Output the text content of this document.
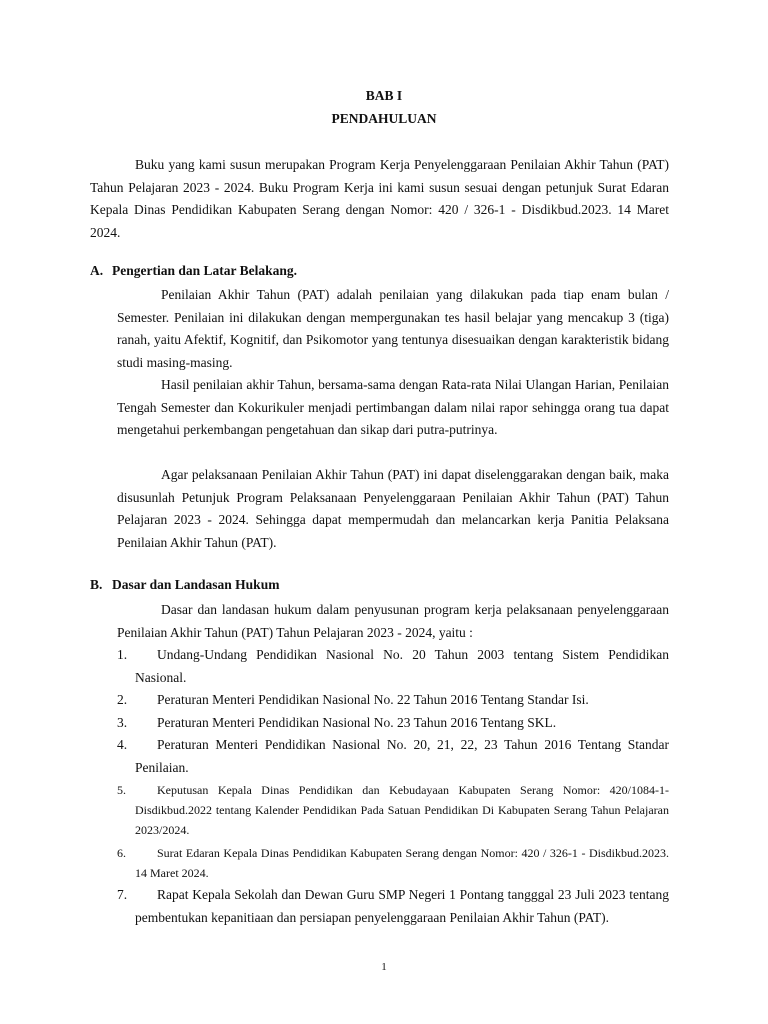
BAB I
PENDAHULUAN

Buku yang kami susun merupakan Program Kerja Penyelenggaraan Penilaian Akhir Tahun (PAT) Tahun Pelajaran 2023 - 2024. Buku Program Kerja ini kami susun sesuai dengan petunjuk Surat Edaran Kepala Dinas Pendidikan Kabupaten Serang dengan Nomor: 420 / 326-1 - Disdikbud.2023. 14 Maret 2024.

A. Pengertian dan Latar Belakang.

Penilaian Akhir Tahun (PAT) adalah penilaian yang dilakukan pada tiap enam bulan / Semester. Penilaian ini dilakukan dengan mempergunakan tes hasil belajar yang mencakup 3 (tiga) ranah, yaitu Afektif, Kognitif, dan Psikomotor yang tentunya disesuaikan dengan karakteristik bidang studi masing-masing.

Hasil penilaian akhir Tahun, bersama-sama dengan Rata-rata Nilai Ulangan Harian, Penilaian Tengah Semester dan Kokurikuler menjadi pertimbangan dalam nilai rapor sehingga orang tua dapat mengetahui perkembangan pengetahuan dan sikap dari putra-putrinya.

Agar pelaksanaan Penilaian Akhir Tahun (PAT) ini dapat diselenggarakan dengan baik, maka disusunlah Petunjuk Program Pelaksanaan Penyelenggaraan Penilaian Akhir Tahun (PAT) Tahun Pelajaran 2023 - 2024. Sehingga dapat mempermudah dan melancarkan kerja Panitia Pelaksana Penilaian Akhir Tahun (PAT).

B. Dasar dan Landasan Hukum

Dasar dan landasan hukum dalam penyusunan program kerja pelaksanaan penyelenggaraan Penilaian Akhir Tahun (PAT) Tahun Pelajaran 2023 - 2024, yaitu :

1.	Undang-Undang Pendidikan Nasional No. 20 Tahun 2003 tentang Sistem Pendidikan Nasional.
2.	Peraturan Menteri Pendidikan Nasional No. 22 Tahun 2016 Tentang Standar Isi.
3.	Peraturan Menteri Pendidikan Nasional No. 23 Tahun 2016 Tentang SKL.
4.	Peraturan Menteri Pendidikan Nasional No. 20, 21, 22, 23 Tahun 2016 Tentang Standar Penilaian.
5.	Keputusan Kepala Dinas Pendidikan dan Kebudayaan Kabupaten Serang Nomor: 420/1084-1- Disdikbud.2022 tentang Kalender Pendidikan Pada Satuan Pendidikan Di Kabupaten Serang Tahun Pelajaran 2023/2024.
6.	Surat Edaran Kepala Dinas Pendidikan Kabupaten Serang dengan Nomor: 420 / 326-1 - Disdikbud.2023. 14 Maret 2024.
7.	Rapat Kepala Sekolah dan Dewan Guru SMP Negeri 1 Pontang tangggal 23 Juli 2023 tentang pembentukan kepanitiaan dan persiapan penyelenggaraan Penilaian Akhir Tahun (PAT).
1
